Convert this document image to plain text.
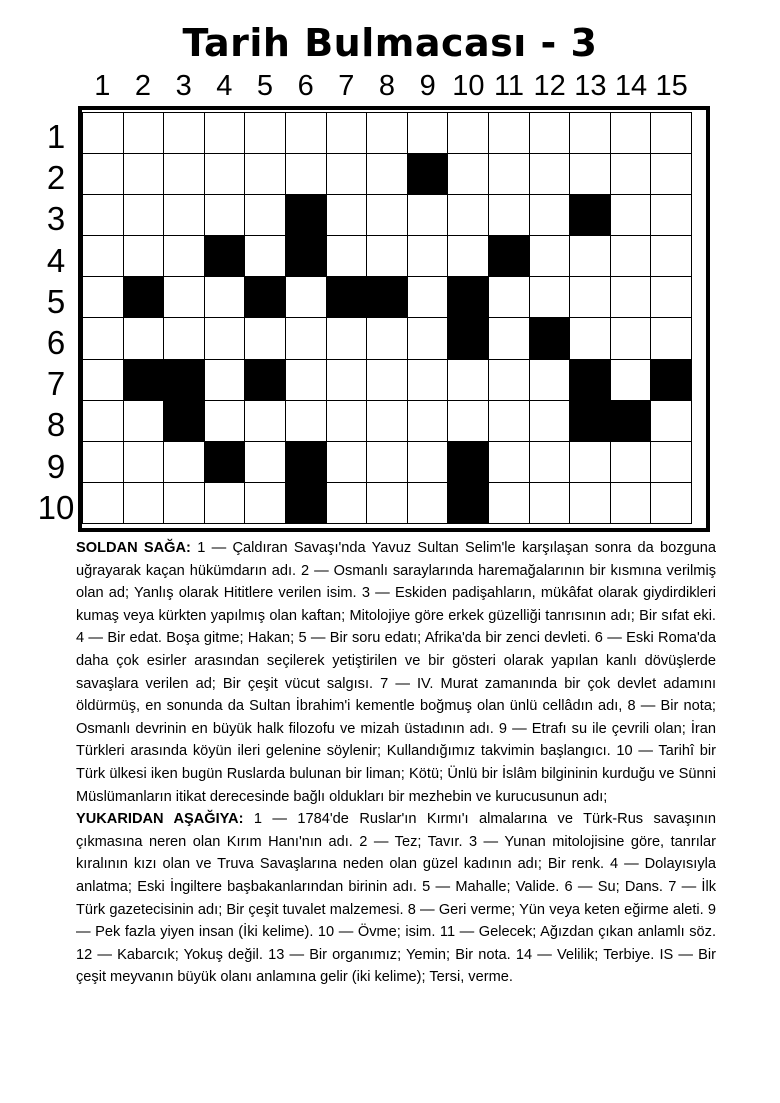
Tarih Bulmacası - 3
1 2 3 4 5 6 7 8 9 10 11 12 13 14 15
1
2
3
4
5
6
7
8
9
10

SOLDAN SAĞA: 1 — Çaldıran Savaşı'nda Yavuz Sultan Selim'le karşılaşan sonra da bozguna uğrayarak kaçan hükümdarın adı. 2 — Osmanlı saraylarında haremağalarının bir kısmına verilmiş olan ad; Yanlış olarak Hititlere verilen isim. 3 — Eskiden padişahların, mükâfat olarak giydirdikleri kumaş veya kürkten yapılmış olan kaftan; Mitolojiye göre erkek güzelliği tanrısının adı; Bir sıfat eki. 4 — Bir edat. Boşa gitme; Hakan; 5 — Bir soru edatı; Afrika'da bir zenci devleti. 6 — Eski Roma'da daha çok esirler arasından seçilerek yetiştirilen ve bir gösteri olarak yapılan kanlı dövüşlerde savaşlara verilen ad; Bir çeşit vücut salgısı. 7 — IV. Murat zamanında bir çok devlet adamını öldürmüş, en sonunda da Sultan İbrahim'i kementle boğmuş olan ünlü cellâdın adı, 8 — Bir nota; Osmanlı devrinin en büyük halk filozofu ve mizah üstadının adı. 9 — Etrafı su ile çevrili olan; İran Türkleri arasında köyün ileri gelenine söylenir; Kullandığımız takvimin başlangıcı. 10 — Tarihî bir Türk ülkesi iken bugün Ruslarda bulunan bir liman; Kötü; Ünlü bir İslâm bilgininin kurduğu ve Sünni Müslümanların itikat derecesinde bağlı oldukları bir mezhebin ve kurucusunun adı;

YUKARIDAN AŞAĞIYA: 1 — 1784'de Ruslar'ın Kırmı'ı almalarına ve Türk-Rus savaşının çıkmasına neren olan Kırım Hanı'nın adı. 2 — Tez; Tavır. 3 — Yunan mitolojisine göre, tanrılar kıralının kızı olan ve Truva Savaşlarına neden olan güzel kadının adı; Bir renk. 4 — Dolayısıyla anlatma; Eski İngiltere başbakanlarından birinin adı. 5 — Mahalle; Valide. 6 — Su; Dans. 7 — İlk Türk gazetecisinin adı; Bir çeşit tuvalet malzemesi. 8 — Geri verme; Yün veya keten eğirme aleti. 9 — Pek fazla yiyen insan (İki kelime). 10 — Övme; isim. 11 — Gelecek; Ağızdan çıkan anlamlı söz. 12 — Kabarcık; Yokuş değil. 13 — Bir organımız; Yemin; Bir nota. 14 — Velilik; Terbiye. IS — Bir çeşit meyvanın büyük olanı anlamına gelir (iki kelime); Tersi, verme.
